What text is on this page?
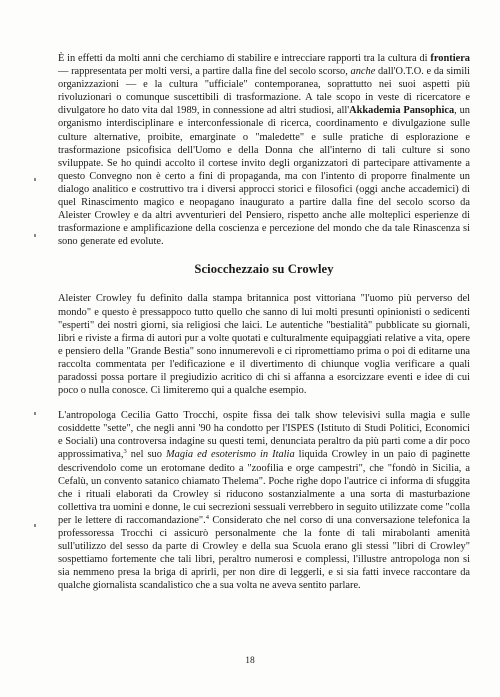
È in effetti da molti anni che cerchiamo di stabilire e intrecciare rapporti tra la cultura di frontiera — rappresentata per molti versi, a partire dalla fine del secolo scorso, anche dall'O.T.O. e da simili organizzazioni — e la cultura "ufficiale" contemporanea, soprattutto nei suoi aspetti più rivoluzionari o comunque suscettibili di trasformazione. A tale scopo in veste di ricercatore e divulgatore ho dato vita dal 1989, in connessione ad altri studiosi, all'Akkademia Pansophica, un organismo interdisciplinare e interconfessionale di ricerca, coordinamento e divulgazione sulle culture alternative, proibite, emarginate o "maledette" e sulle pratiche di esplorazione e trasformazione psicofisica dell'Uomo e della Donna che all'interno di tali culture si sono sviluppate. Se ho quindi accolto il cortese invito degli organizzatori di partecipare attivamente a questo Convegno non è certo a fini di propaganda, ma con l'intento di proporre finalmente un dialogo analitico e costruttivo tra i diversi approcci storici e filosofici (oggi anche accademici) di quel Rinascimento magico e neopagano inaugurato a partire dalla fine del secolo scorso da Aleister Crowley e da altri avventurieri del Pensiero, rispetto anche alle molteplici esperienze di trasformazione e amplificazione della coscienza e percezione del mondo che da tale Rinascenza si sono generate ed evolute.

Sciocchezzaio su Crowley

Aleister Crowley fu definito dalla stampa britannica post vittoriana "l'uomo più perverso del mondo" e questo è pressappoco tutto quello che sanno di lui molti presunti opinionisti o sedicenti "esperti" dei nostri giorni, sia religiosi che laici. Le autentiche "bestialità" pubblicate su giornali, libri e riviste a firma di autori pur a volte quotati e culturalmente equipaggiati relative a vita, opere e pensiero della "Grande Bestia" sono innumerevoli e ci ripromettiamo prima o poi di editarne una raccolta commentata per l'edificazione e il divertimento di chiunque voglia verificare a quali paradossi possa portare il pregiudizio acritico di chi si affanna a esorcizzare eventi e idee di cui poco o nulla conosce. Ci limiteremo qui a qualche esempio.

L'antropologa Cecilia Gatto Trocchi, ospite fissa dei talk show televisivi sulla magia e sulle cosiddette "sette", che negli anni '90 ha condotto per l'ISPES (Istituto di Studi Politici, Economici e Sociali) una controversa indagine su questi temi, denunciata peraltro da più parti come a dir poco approssimativa,$^3$ nel suo Magia ed esoterismo in Italia liquida Crowley in un paio di paginette descrivendolo come un erotomane dedito a "zoofilia e orge campestri", che "fondò in Sicilia, a Cefalù, un convento satanico chiamato Thelema". Poche righe dopo l'autrice ci informa di sfuggita che i rituali elaborati da Crowley si riducono sostanzialmente a una sorta di masturbazione collettiva tra uomini e donne, le cui secrezioni sessuali verrebbero in seguito utilizzate come "colla per le lettere di raccomandazione".$^4$ Considerato che nel corso di una conversazione telefonica la professoressa Trocchi ci assicurò personalmente che la fonte di tali mirabolanti amenità sull'utilizzo del sesso da parte di Crowley e della sua Scuola erano gli stessi "libri di Crowley" sospettiamo fortemente che tali libri, peraltro numerosi e complessi, l'illustre antropologa non si sia nemmeno presa la briga di aprirli, per non dire di leggerli, e si sia fatti invece raccontare da qualche giornalista scandalistico che a sua volta ne aveva sentito parlare.

18
